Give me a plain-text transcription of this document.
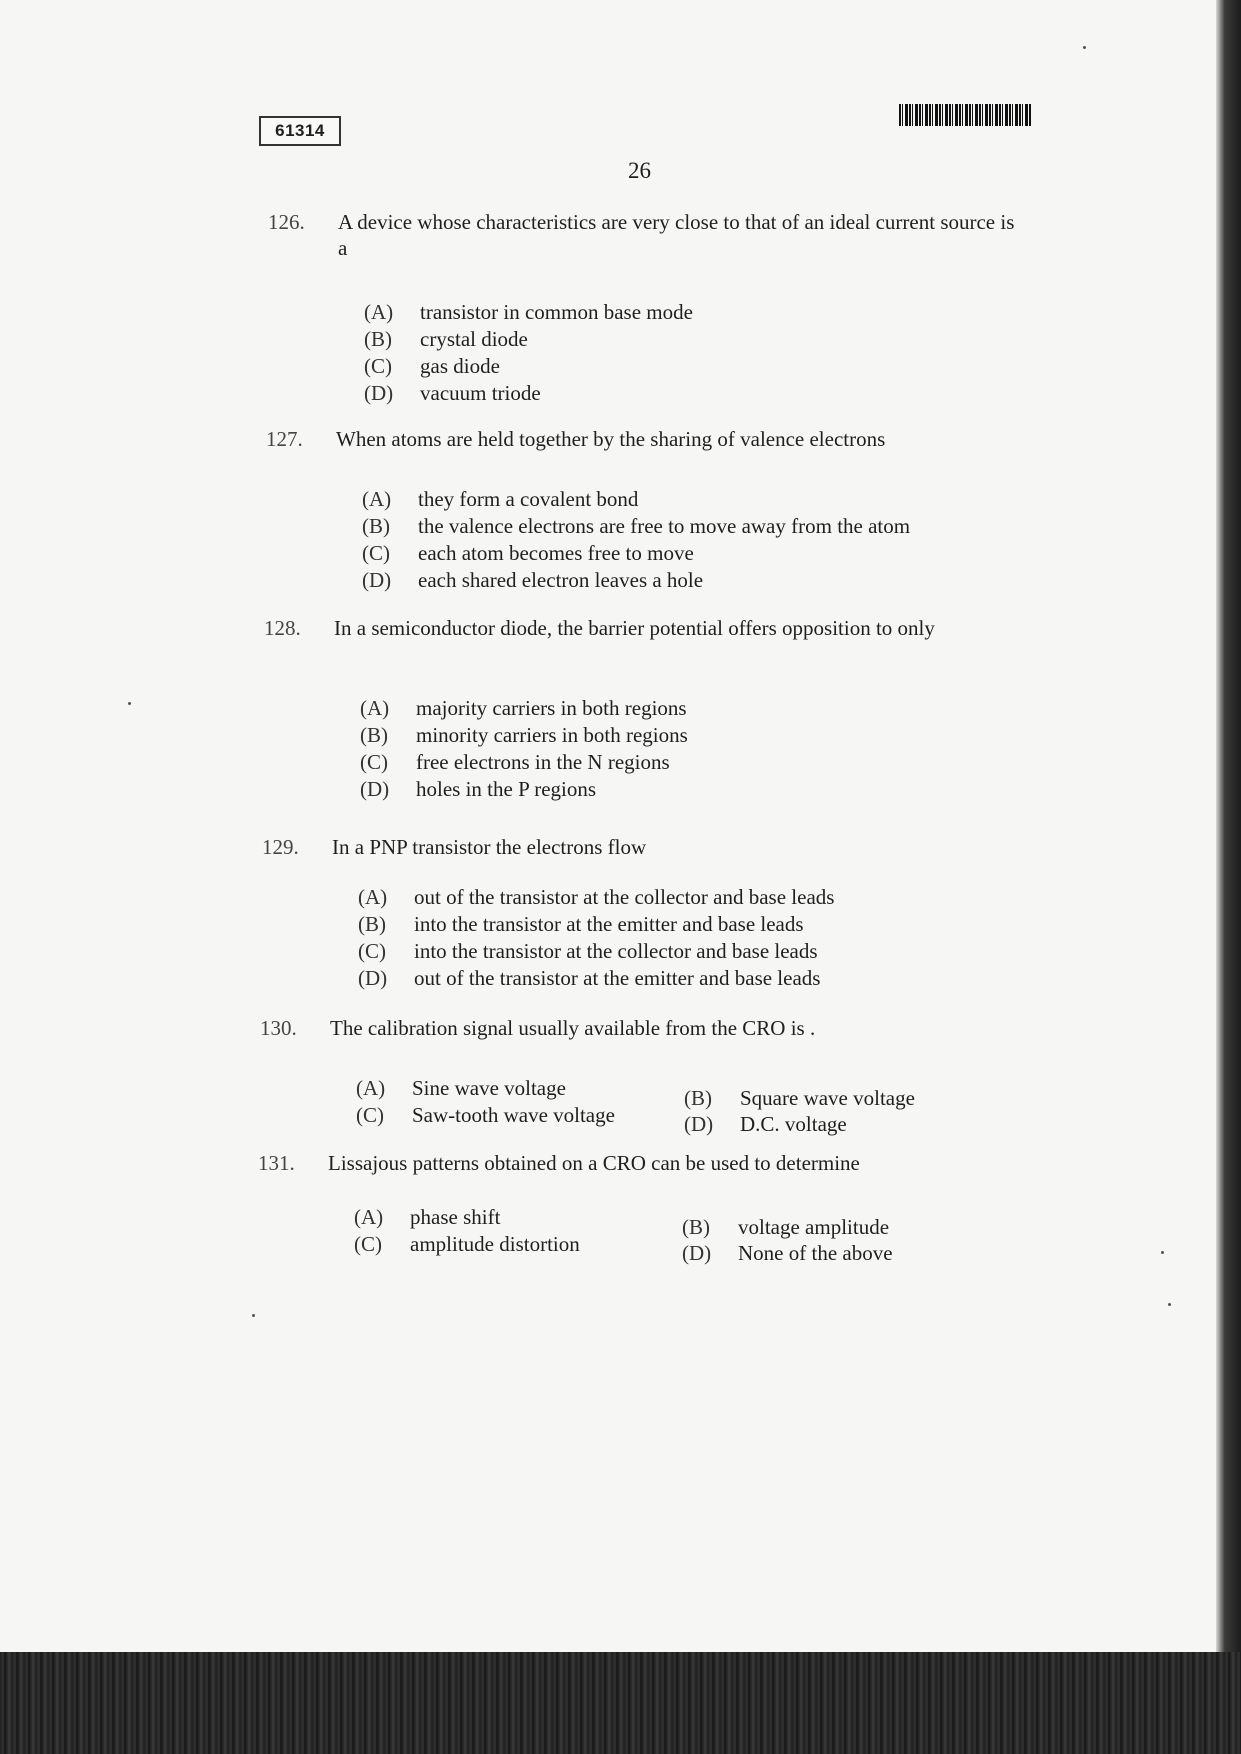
61314
26
126. A device whose characteristics are very close to that of an ideal current source is a
(A) transistor in common base mode
(B) crystal diode
(C) gas diode
(D) vacuum triode
127. When atoms are held together by the sharing of valence electrons
(A) they form a covalent bond
(B) the valence electrons are free to move away from the atom
(C) each atom becomes free to move
(D) each shared electron leaves a hole
128. In a semiconductor diode, the barrier potential offers opposition to only
(A) majority carriers in both regions
(B) minority carriers in both regions
(C) free electrons in the N regions
(D) holes in the P regions
129. In a PNP transistor the electrons flow
(A) out of the transistor at the collector and base leads
(B) into the transistor at the emitter and base leads
(C) into the transistor at the collector and base leads
(D) out of the transistor at the emitter and base leads
130. The calibration signal usually available from the CRO is .
(A) Sine wave voltage	(B) Square wave voltage
(C) Saw-tooth wave voltage	(D) D.C. voltage
131. Lissajous patterns obtained on a CRO can be used to determine
(A) phase shift	(B) voltage amplitude
(C) amplitude distortion	(D) None of the above
